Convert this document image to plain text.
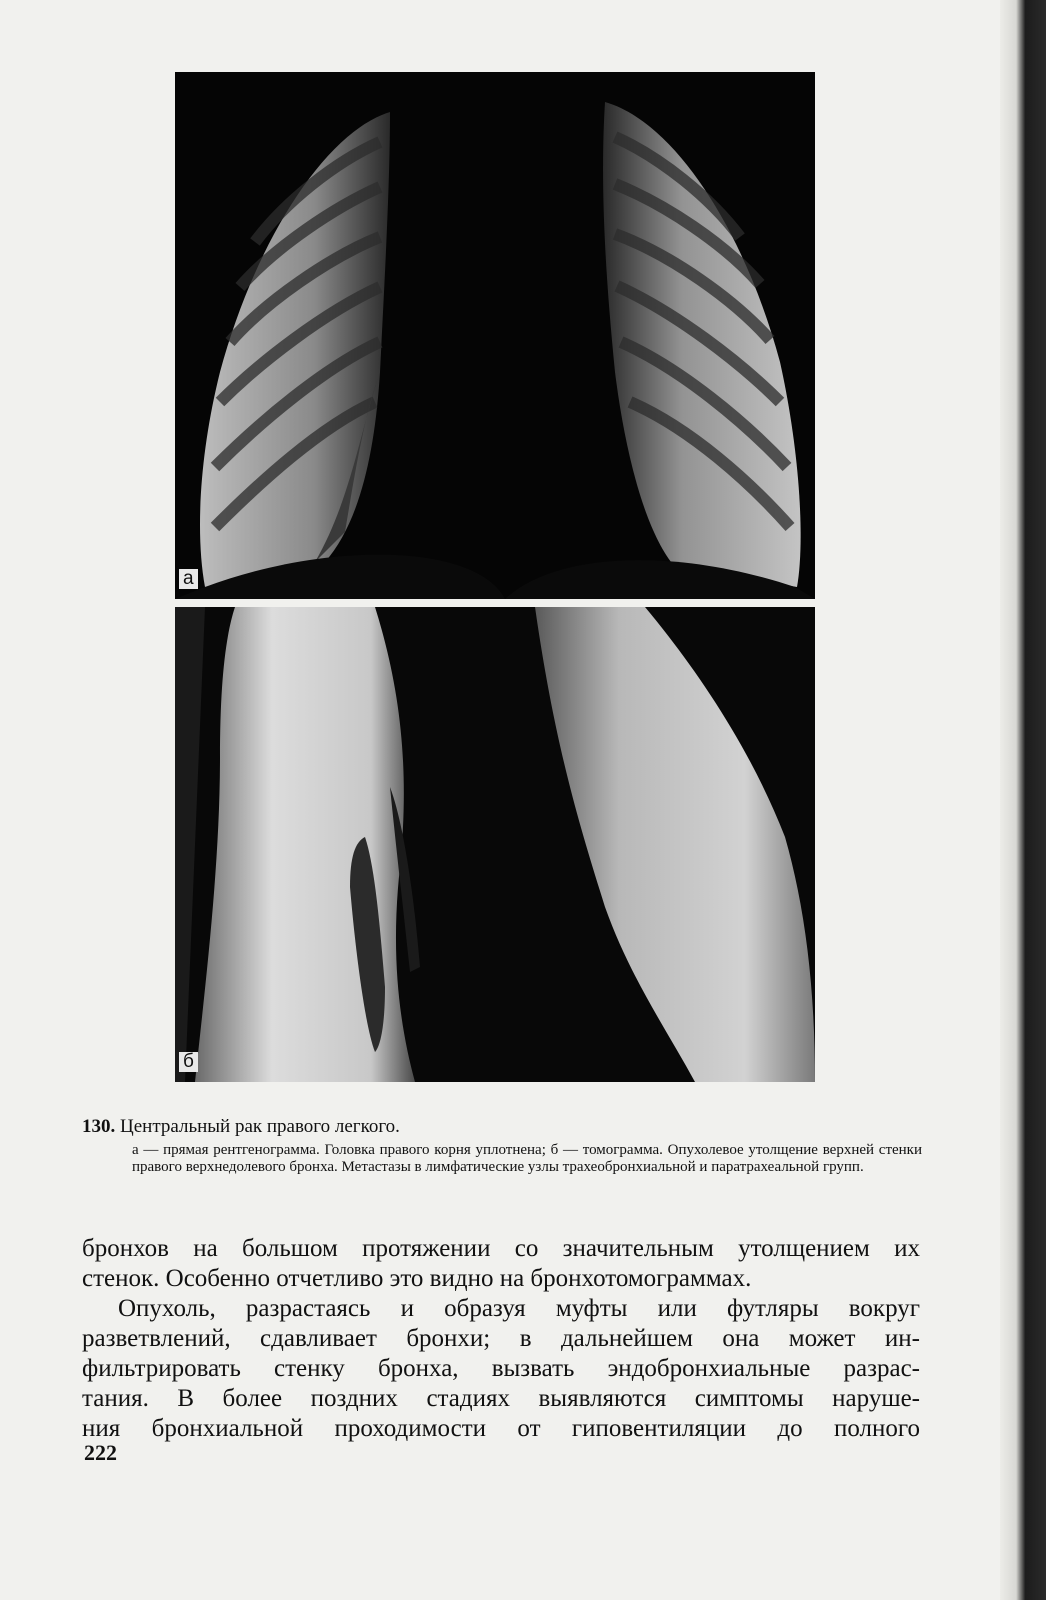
а
б

130. Центральный рак правого легкого.

а — прямая рентгенограмма. Головка правого корня уплотнена; б — томограмма. Опухолевое утолщение верхней стенки правого верхнедолевого бронха. Метастазы в лимфатические узлы трахеобронхиальной и паратрахеальной групп.

бронхов на большом протяжении со значительным утолщением их

стенок. Особенно отчетливо это видно на бронхотомограммах.

Опухоль, разрастаясь и образуя муфты или футляры вокруг

разветвлений, сдавливает бронхи; в дальнейшем она может ин-

фильтрировать стенку бронха, вызвать эндобронхиальные разрас-

тания. В более поздних стадиях выявляются симптомы наруше-

ния бронхиальной проходимости от гиповентиляции до полного

222
